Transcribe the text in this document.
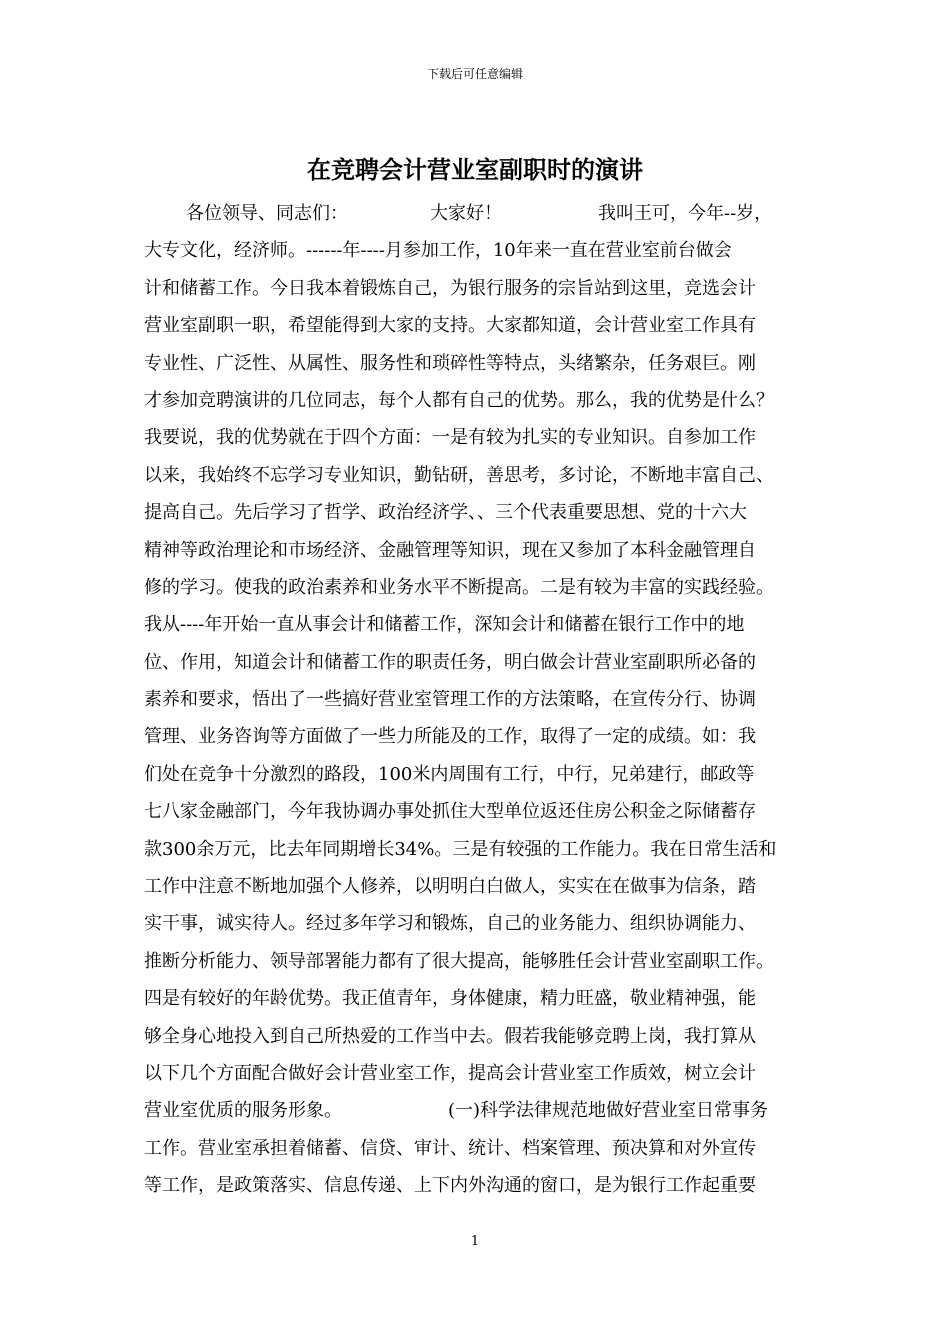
下载后可任意编辑
在竞聘会计营业室副职时的演讲
各位领导、同志们：	大家好！	我叫王可，今年--岁，
大专文化，经济师。------年----月参加工作，10年来一直在营业室前台做会
计和储蓄工作。今日我本着锻炼自己，为银行服务的宗旨站到这里，竞选会计
营业室副职一职，希望能得到大家的支持。大家都知道，会计营业室工作具有
专业性、广泛性、从属性、服务性和琐碎性等特点，头绪繁杂，任务艰巨。刚
才参加竞聘演讲的几位同志，每个人都有自己的优势。那么，我的优势是什么？
我要说，我的优势就在于四个方面：一是有较为扎实的专业知识。自参加工作
以来，我始终不忘学习专业知识，勤钻研，善思考，多讨论，不断地丰富自己、
提高自己。先后学习了哲学、政治经济学、、三个代表重要思想、党的十六大
精神等政治理论和市场经济、金融管理等知识，现在又参加了本科金融管理自
修的学习。使我的政治素养和业务水平不断提高。二是有较为丰富的实践经验。
我从----年开始一直从事会计和储蓄工作，深知会计和储蓄在银行工作中的地
位、作用，知道会计和储蓄工作的职责任务，明白做会计营业室副职所必备的
素养和要求，悟出了一些搞好营业室管理工作的方法策略，在宣传分行、协调
管理、业务咨询等方面做了一些力所能及的工作，取得了一定的成绩。如：我
们处在竞争十分激烈的路段，100米内周围有工行，中行，兄弟建行，邮政等
七八家金融部门，今年我协调办事处抓住大型单位返还住房公积金之际储蓄存
款300余万元，比去年同期增长34%。三是有较强的工作能力。我在日常生活和
工作中注意不断地加强个人修养，以明明白白做人，实实在在做事为信条，踏
实干事，诚实待人。经过多年学习和锻炼，自己的业务能力、组织协调能力、
推断分析能力、领导部署能力都有了很大提高，能够胜任会计营业室副职工作。
四是有较好的年龄优势。我正值青年，身体健康，精力旺盛，敬业精神强，能
够全身心地投入到自己所热爱的工作当中去。假若我能够竞聘上岗，我打算从
以下几个方面配合做好会计营业室工作，提高会计营业室工作质效，树立会计
营业室优质的服务形象。	(一)科学法律规范地做好营业室日常事务
工作。营业室承担着储蓄、信贷、审计、统计、档案管理、预决算和对外宣传
等工作，是政策落实、信息传递、上下内外沟通的窗口，是为银行工作起重要
1
